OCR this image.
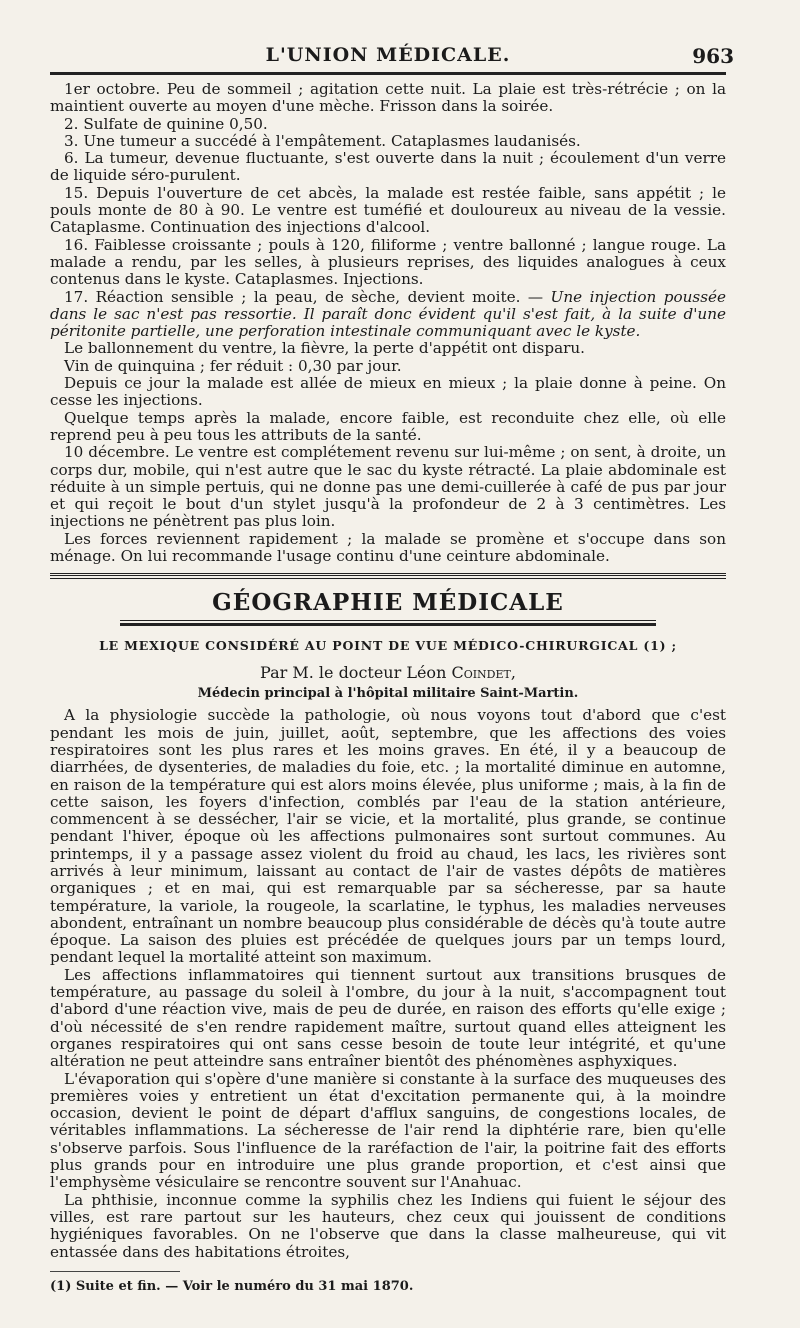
L'UNION MÉDICALE.	963

1er octobre. Peu de sommeil ; agitation cette nuit. La plaie est très-rétrécie ; on la maintient ouverte au moyen d'une mèche. Frisson dans la soirée.

2. Sulfate de quinine 0,50.

3. Une tumeur a succédé à l'empâtement. Cataplasmes laudanisés.

6. La tumeur, devenue fluctuante, s'est ouverte dans la nuit ; écoulement d'un verre de liquide séro-purulent.

15. Depuis l'ouverture de cet abcès, la malade est restée faible, sans appétit ; le pouls monte de 80 à 90. Le ventre est tuméfié et douloureux au niveau de la vessie. Cataplasme. Continuation des injections d'alcool.

16. Faiblesse croissante ; pouls à 120, filiforme ; ventre ballonné ; langue rouge. La malade a rendu, par les selles, à plusieurs reprises, des liquides analogues à ceux contenus dans le kyste. Cataplasmes. Injections.

17. Réaction sensible ; la peau, de sèche, devient moite. — Une injection poussée dans le sac n'est pas ressortie. Il paraît donc évident qu'il s'est fait, à la suite d'une péritonite partielle, une perforation intestinale communiquant avec le kyste.

Le ballonnement du ventre, la fièvre, la perte d'appétit ont disparu.

Vin de quinquina ; fer réduit : 0,30 par jour.

Depuis ce jour la malade est allée de mieux en mieux ; la plaie donne à peine. On cesse les injections.

Quelque temps après la malade, encore faible, est reconduite chez elle, où elle reprend peu à peu tous les attributs de la santé.

10 décembre. Le ventre est complétement revenu sur lui-même ; on sent, à droite, un corps dur, mobile, qui n'est autre que le sac du kyste rétracté. La plaie abdominale est réduite à un simple pertuis, qui ne donne pas une demi-cuillerée à café de pus par jour et qui reçoit le bout d'un stylet jusqu'à la profondeur de 2 à 3 centimètres. Les injections ne pénètrent pas plus loin.

Les forces reviennent rapidement ; la malade se promène et s'occupe dans son ménage. On lui recommande l'usage continu d'une ceinture abdominale.

GÉOGRAPHIE MÉDICALE
LE MEXIQUE CONSIDÉRÉ AU POINT DE VUE MÉDICO-CHIRURGICAL (1) ;
Par M. le docteur Léon Coindet,
Médecin principal à l'hôpital militaire Saint-Martin.

A la physiologie succède la pathologie, où nous voyons tout d'abord que c'est pendant les mois de juin, juillet, août, septembre, que les affections des voies respiratoires sont les plus rares et les moins graves. En été, il y a beaucoup de diarrhées, de dysenteries, de maladies du foie, etc. ; la mortalité diminue en automne, en raison de la température qui est alors moins élevée, plus uniforme ; mais, à la fin de cette saison, les foyers d'infection, comblés par l'eau de la station antérieure, commencent à se dessécher, l'air se vicie, et la mortalité, plus grande, se continue pendant l'hiver, époque où les affections pulmonaires sont surtout communes. Au printemps, il y a passage assez violent du froid au chaud, les lacs, les rivières sont arrivés à leur minimum, laissant au contact de l'air de vastes dépôts de matières organiques ; et en mai, qui est remarquable par sa sécheresse, par sa haute température, la variole, la rougeole, la scarlatine, le typhus, les maladies nerveuses abondent, entraînant un nombre beaucoup plus considérable de décès qu'à toute autre époque. La saison des pluies est précédée de quelques jours par un temps lourd, pendant lequel la mortalité atteint son maximum.

Les affections inflammatoires qui tiennent surtout aux transitions brusques de température, au passage du soleil à l'ombre, du jour à la nuit, s'accompagnent tout d'abord d'une réaction vive, mais de peu de durée, en raison des efforts qu'elle exige ; d'où nécessité de s'en rendre rapidement maître, surtout quand elles atteignent les organes respiratoires qui ont sans cesse besoin de toute leur intégrité, et qu'une altération ne peut atteindre sans entraîner bientôt des phénomènes asphyxiques.

L'évaporation qui s'opère d'une manière si constante à la surface des muqueuses des premières voies y entretient un état d'excitation permanente qui, à la moindre occasion, devient le point de départ d'afflux sanguins, de congestions locales, de véritables inflammations. La sécheresse de l'air rend la diphtérie rare, bien qu'elle s'observe parfois. Sous l'influence de la raréfaction de l'air, la poitrine fait des efforts plus grands pour en introduire une plus grande proportion, et c'est ainsi que l'emphysème vésiculaire se rencontre souvent sur l'Anahuac.

La phthisie, inconnue comme la syphilis chez les Indiens qui fuient le séjour des villes, est rare partout sur les hauteurs, chez ceux qui jouissent de conditions hygiéniques favorables. On ne l'observe que dans la classe malheureuse, qui vit entassée dans des habitations étroites,

(1) Suite et fin. — Voir le numéro du 31 mai 1870.
